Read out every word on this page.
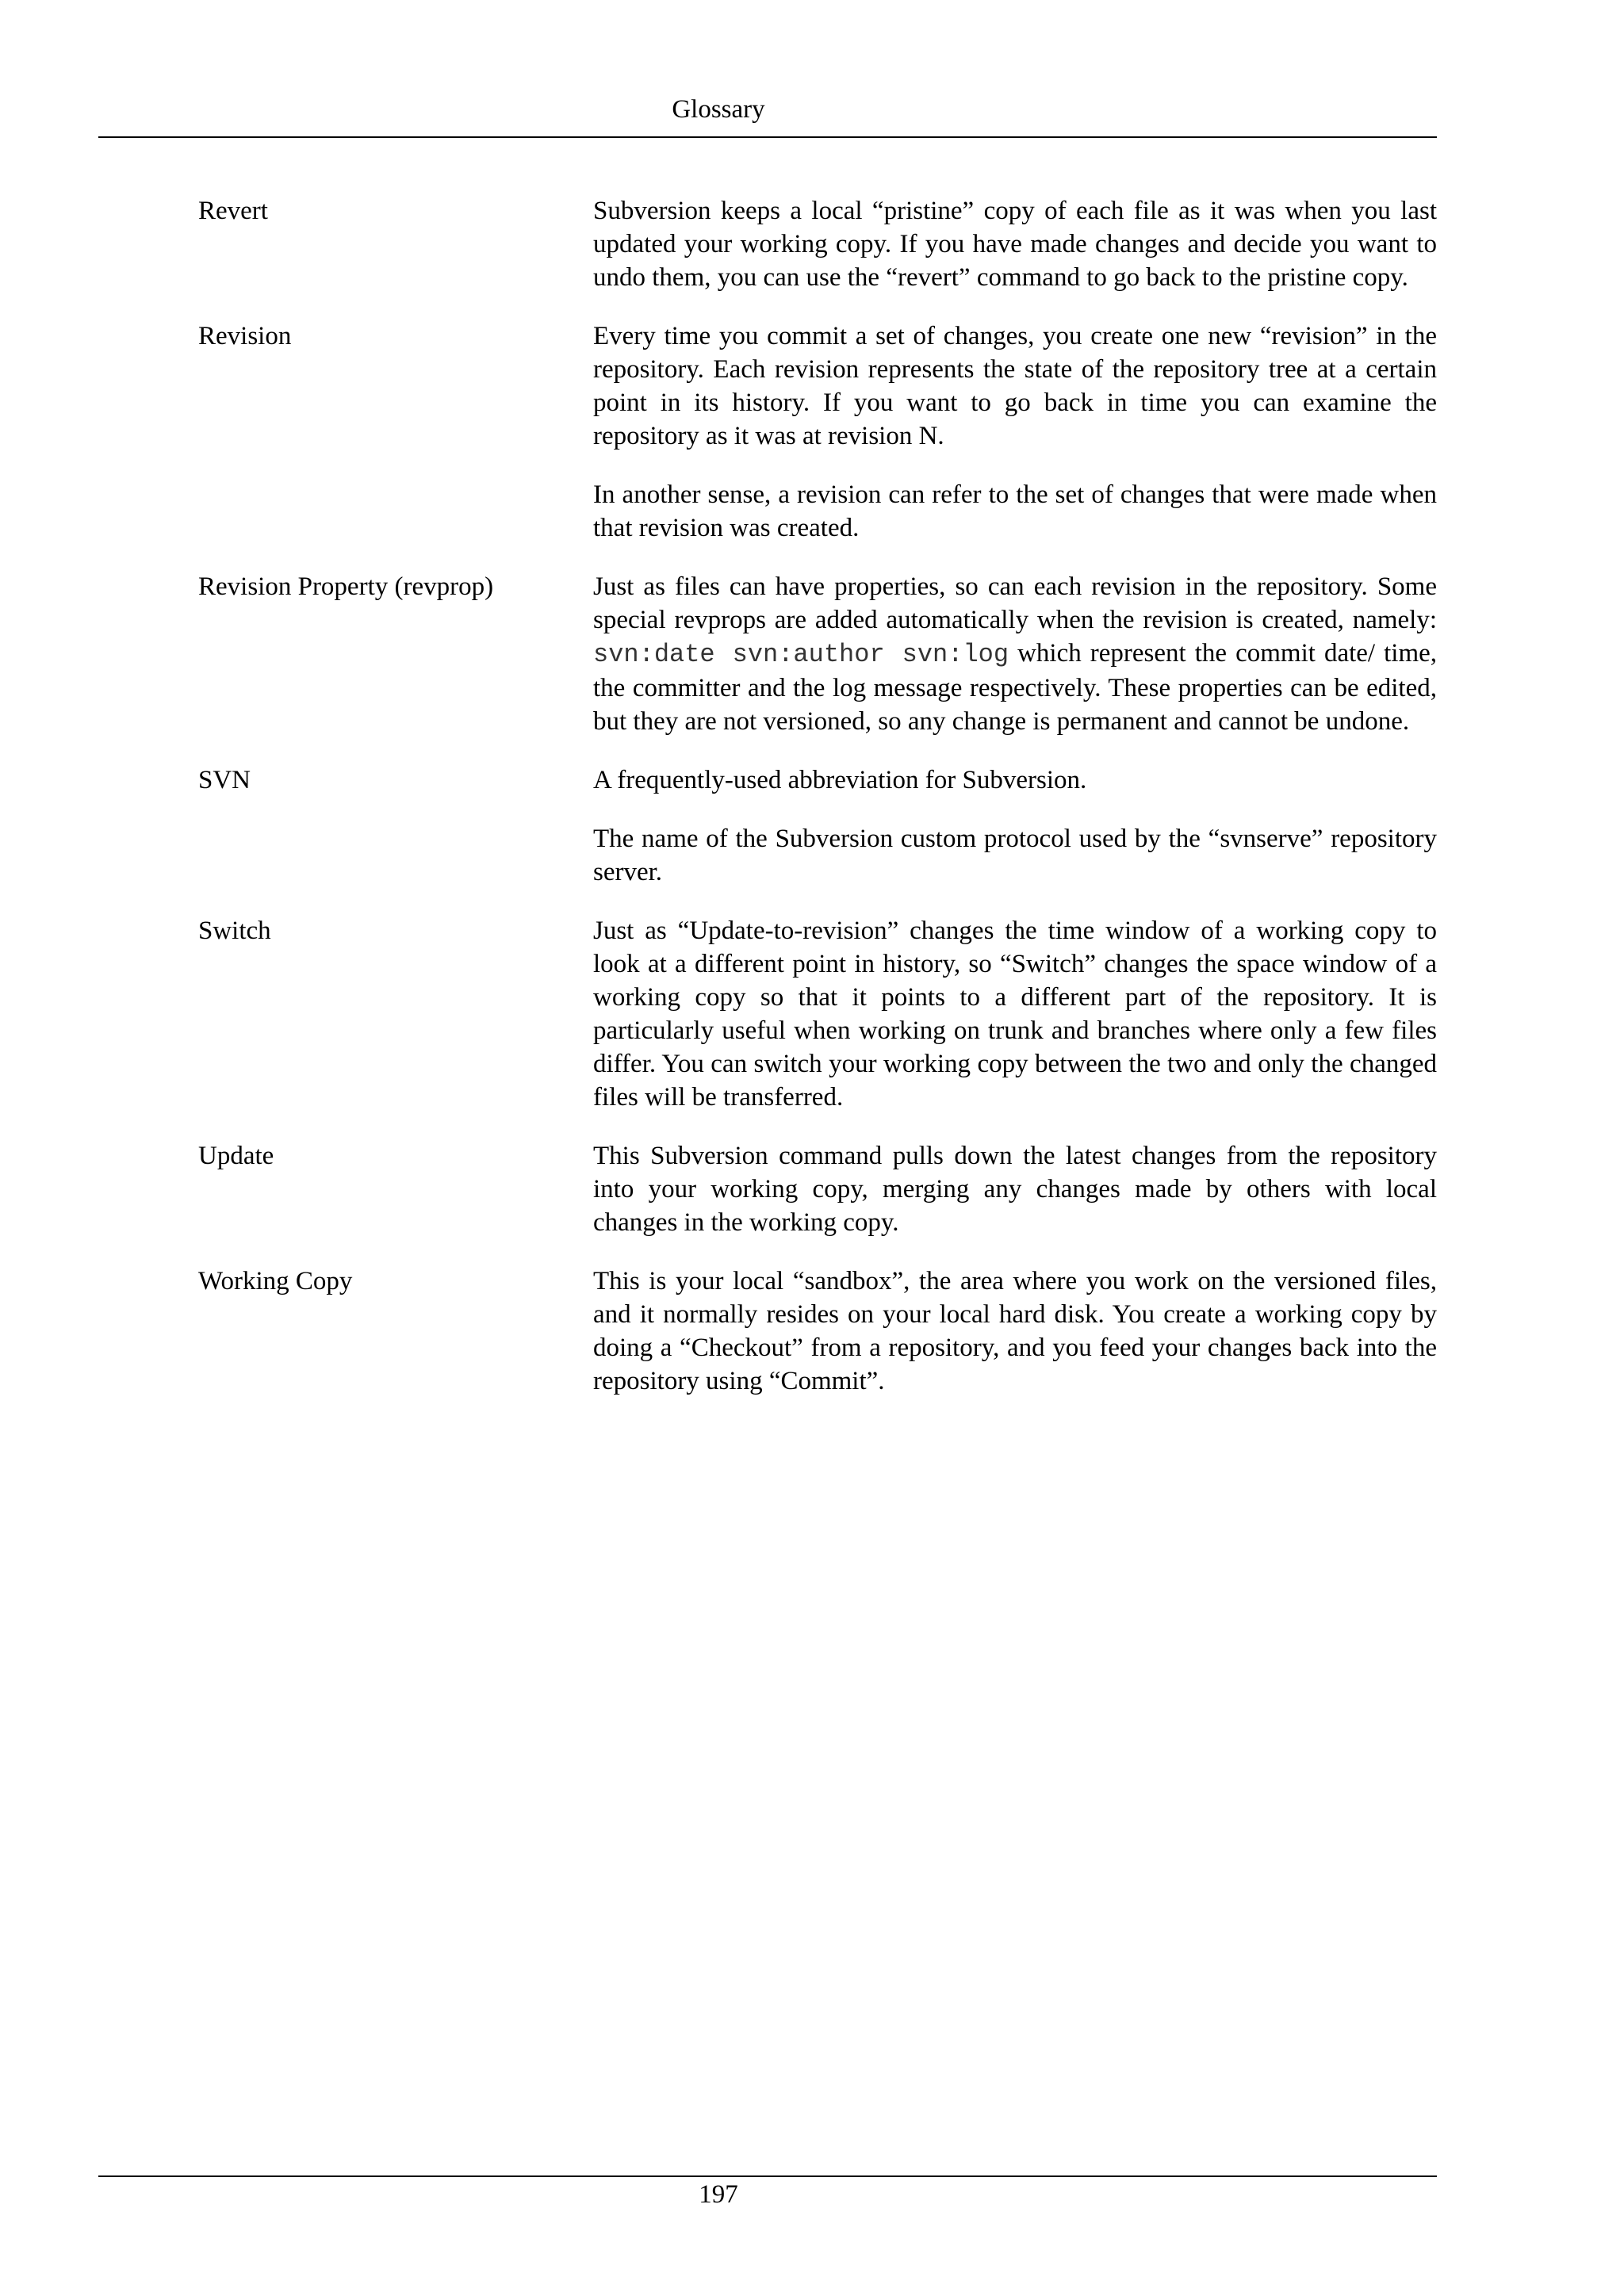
Glossary
Revert	Subversion keeps a local “pristine” copy of each file as it was when you last updated your working copy. If you have made changes and decide you want to undo them, you can use the “revert” command to go back to the pristine copy.

Revision	Every time you commit a set of changes, you create one new “revision” in the repository. Each revision represents the state of the repository tree at a certain point in its history. If you want to go back in time you can examine the repository as it was at revision N.

In another sense, a revision can refer to the set of changes that were made when that revision was created.

Revision Property (revprop)	Just as files can have properties, so can each revision in the repository. Some special revprops are added automatically when the revision is created, namely: svn:date svn:author svn:log which represent the commit date/ time, the committer and the log message respectively. These properties can be edited, but they are not versioned, so any change is permanent and cannot be undone.

SVN	A frequently-used abbreviation for Subversion.

The name of the Subversion custom protocol used by the “svnserve” repository server.

Switch	Just as “Update-to-revision” changes the time window of a working copy to look at a different point in history, so “Switch” changes the space window of a working copy so that it points to a different part of the repository. It is particularly useful when working on trunk and branches where only a few files differ. You can switch your working copy between the two and only the changed files will be transferred.

Update	This Subversion command pulls down the latest changes from the repository into your working copy, merging any changes made by others with local changes in the working copy.

Working Copy	This is your local “sandbox”, the area where you work on the versioned files, and it normally resides on your local hard disk. You create a working copy by doing a “Checkout” from a repository, and you feed your changes back into the repository using “Commit”.

197
